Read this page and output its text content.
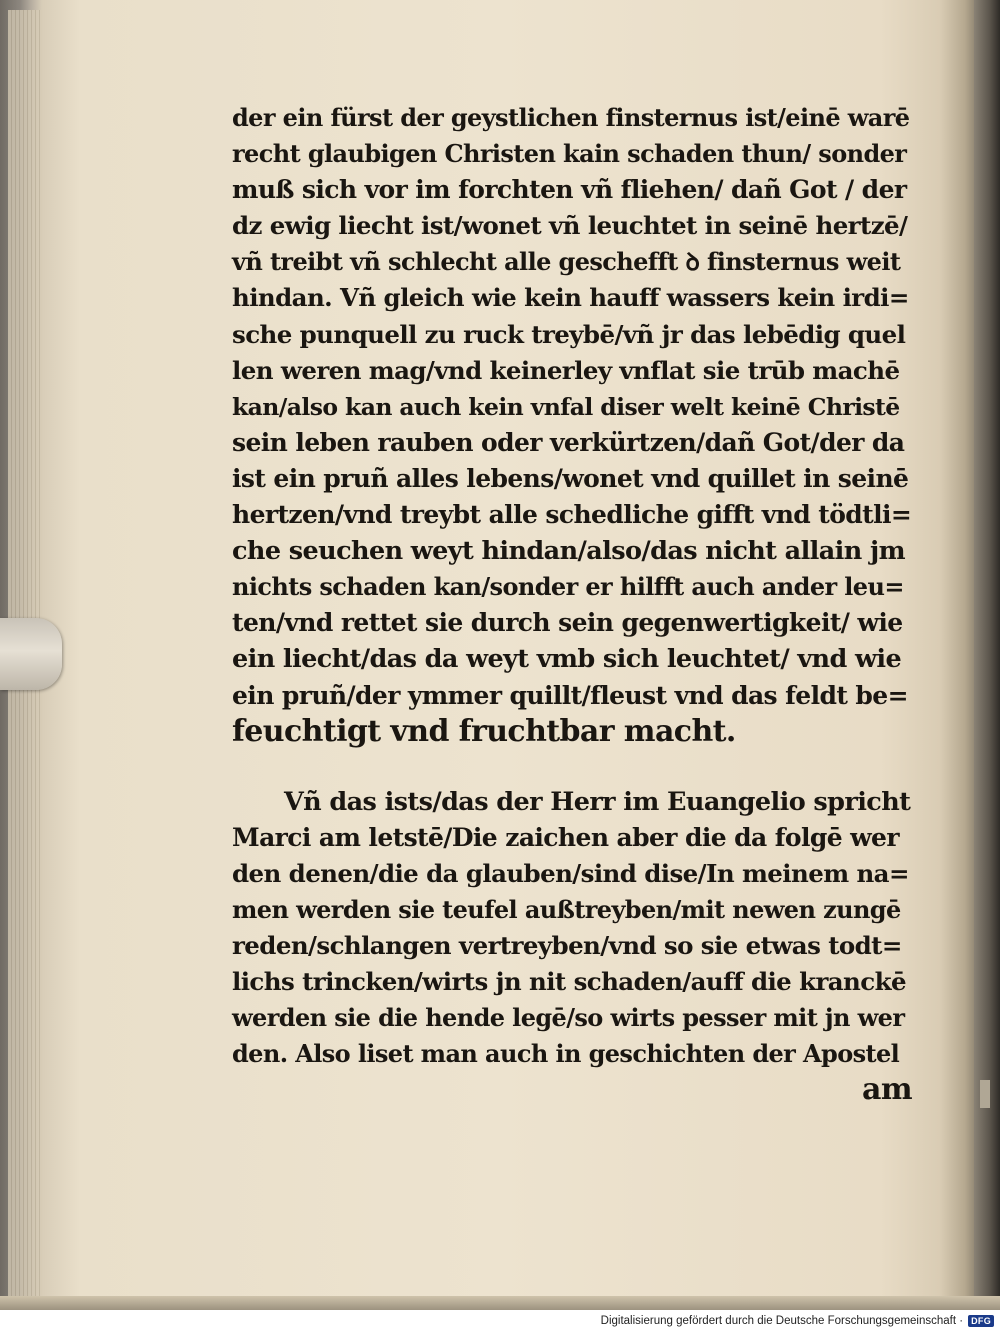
der ein fürst der geystlichen finsternus ist/einē warē
recht glaubigen Christen kain schaden thun/ sonder
muß sich vor im forchten vñ fliehen/ dañ Got / der
dz ewig liecht ist/wonet vñ leuchtet in seinē hertzē/
vñ treibt vñ schlecht alle geschefft ꝺ finsternus weit
hindan. Vñ gleich wie kein hauff wassers kein irdi=
sche punquell zu ruck treybē/vñ jr das lebēdig quel
len weren mag/vnd keinerley vnflat sie trūb machē
kan/also kan auch kein vnfal diser welt keinē Christē
sein leben rauben oder verkürtzen/dañ Got/der da
ist ein pruñ alles lebens/wonet vnd quillet in seinē
hertzen/vnd treybt alle schedliche gifft vnd tödtli=
che seuchen weyt hindan/also/das nicht allain jm
nichts schaden kan/sonder er hilfft auch ander leu=
ten/vnd rettet sie durch sein gegenwertigkeit/ wie
ein liecht/das da weyt vmb sich leuchtet/ vnd wie
ein pruñ/der ymmer quillt/fleust vnd das feldt be=
feuchtigt vnd fruchtbar macht.
Vñ das ists/das der Herr im Euangelio spricht
Marci am letstē/Die zaichen aber die da folgē wer
den denen/die da glauben/sind dise/In meinem na=
men werden sie teufel außtreyben/mit newen zungē
reden/schlangen vertreyben/vnd so sie etwas todt=
lichs trincken/wirts jn nit schaden/auff die kranckē
werden sie die hende legē/so wirts pesser mit jn wer
den. Also liset man auch in geschichten der Apostel
am
Digitalisierung gefördert durch die Deutsche Forschungsgemeinschaft · DFG
